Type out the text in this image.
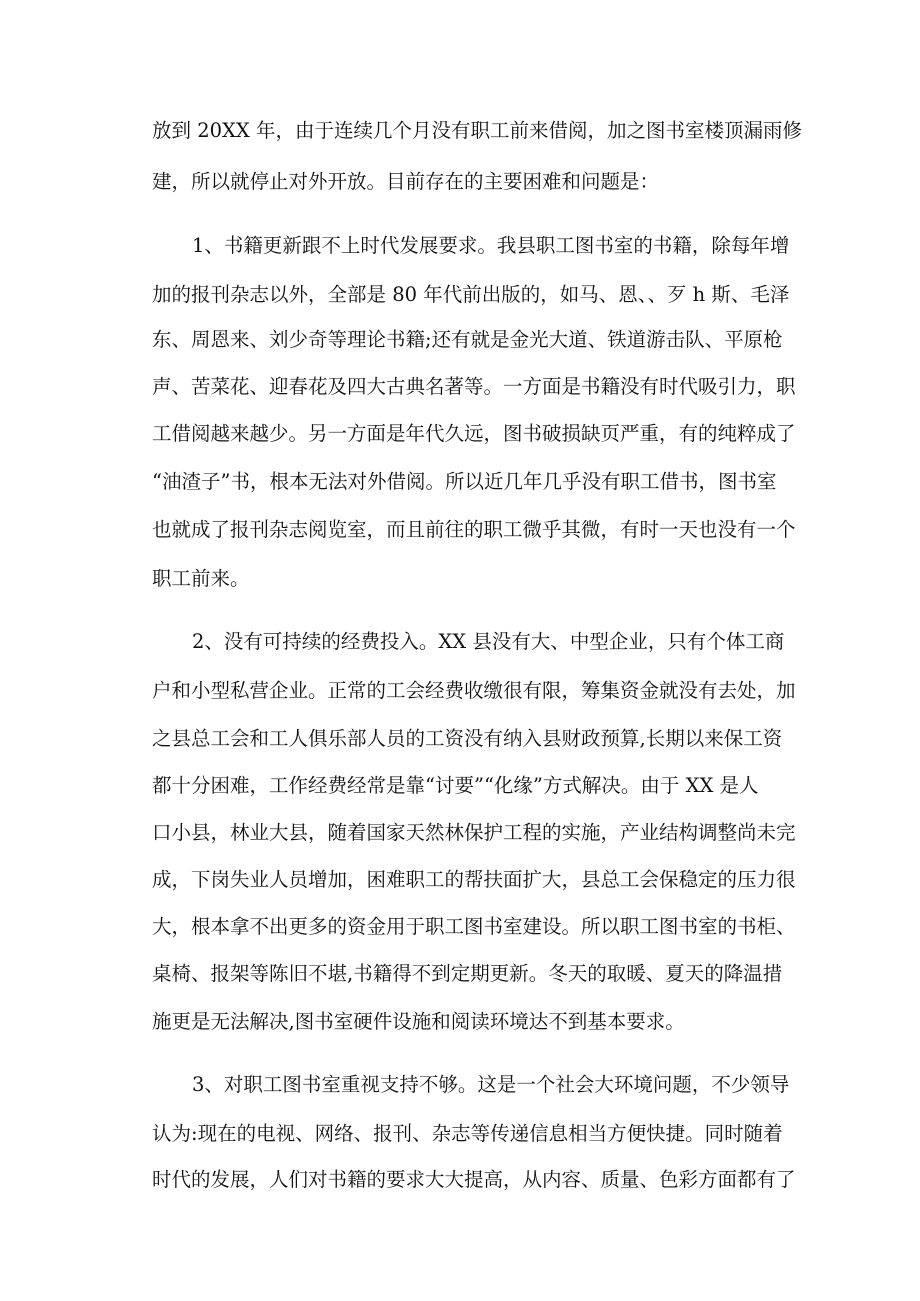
放到 20XX 年，由于连续几个月没有职工前来借阅，加之图书室楼顶漏雨修

建，所以就停止对外开放。目前存在的主要困难和问题是：

1、书籍更新跟不上时代发展要求。我县职工图书室的书籍，除每年增

加的报刊杂志以外，全部是 80 年代前出版的，如马、恩、、歹 h 斯、毛泽

东、周恩来、刘少奇等理论书籍;还有就是金光大道、铁道游击队、平原枪

声、苦菜花、迎春花及四大古典名著等。一方面是书籍没有时代吸引力，职

工借阅越来越少。另一方面是年代久远，图书破损缺页严重，有的纯粹成了

“油渣子”书，根本无法对外借阅。所以近几年几乎没有职工借书，图书室

也就成了报刊杂志阅览室，而且前往的职工微乎其微，有时一天也没有一个

职工前来。

2、没有可持续的经费投入。XX 县没有大、中型企业，只有个体工商

户和小型私营企业。正常的工会经费收缴很有限，筹集资金就没有去处，加

之县总工会和工人俱乐部人员的工资没有纳入县财政预算,长期以来保工资

都十分困难，工作经费经常是靠“讨要”“化缘”方式解决。由于 XX 是人

口小县，林业大县，随着国家天然林保护工程的实施，产业结构调整尚未完

成，下岗失业人员增加，困难职工的帮扶面扩大，县总工会保稳定的压力很

大，根本拿不出更多的资金用于职工图书室建设。所以职工图书室的书柜、

桌椅、报架等陈旧不堪,书籍得不到定期更新。冬天的取暖、夏天的降温措

施更是无法解决,图书室硬件设施和阅读环境达不到基本要求。

3、对职工图书室重视支持不够。这是一个社会大环境问题，不少领导

认为:现在的电视、网络、报刊、杂志等传递信息相当方便快捷。同时随着

时代的发展，人们对书籍的要求大大提高，从内容、质量、色彩方面都有了
